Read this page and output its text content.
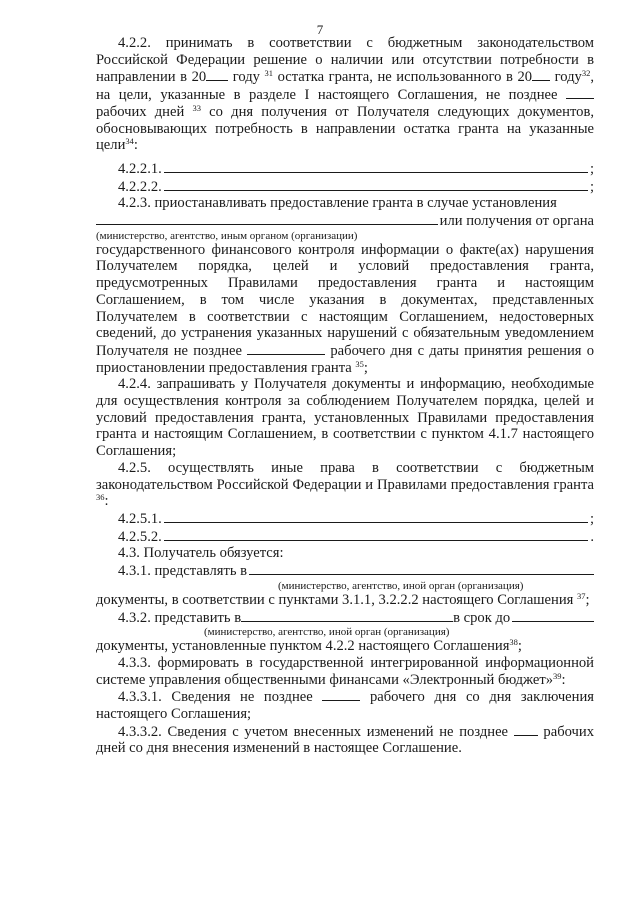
7

4.2.2. принимать в соответствии с бюджетным законодательством Российской Федерации решение о наличии или отсутствии потребности в направлении в 20 году $^{31}$ остатка гранта, не использованного в 20 году$^{32}$, на цели, указанные в разделе I настоящего Соглашения, не позднее  рабочих дней $^{33}$ со дня получения от Получателя следующих документов, обосновывающих потребность в направлении остатка гранта на указанные цели$^{34}$:

4.2.2.1.	;
4.2.2.2.	;

4.2.3. приостанавливать предоставление гранта в случае установления

или получения от органа

(министерство, агентство, иным органом (организации)

государственного финансового контроля информации о факте(ах) нарушения Получателем порядка, целей и условий предоставления гранта, предусмотренных Правилами предоставления гранта и настоящим Соглашением, в том числе указания в документах, представленных Получателем в соответствии с настоящим Соглашением, недостоверных сведений, до устранения указанных нарушений с обязательным уведомлением Получателя не позднее	рабочего дня с даты принятия решения о приостановлении предоставления гранта $^{35}$;

4.2.4. запрашивать у Получателя документы и информацию, необходимые для осуществления контроля за соблюдением Получателем порядка, целей и условий предоставления гранта, установленных Правилами предоставления гранта и настоящим Соглашением, в соответствии с пунктом 4.1.7 настоящего Соглашения;

4.2.5. осуществлять иные права в соответствии с бюджетным законодательством Российской Федерации и Правилами предоставления гранта $^{36}$:

4.2.5.1.	;
4.2.5.2.	.

4.3. Получатель обязуется:

4.3.1. представлять в

(министерство, агентство, иной орган (организация)

документы, в соответствии с пунктами 3.1.1, 3.2.2.2 настоящего Соглашения $^{37}$;

4.3.2. представить в	в срок до

(министерство, агентство, иной орган (организация)

документы, установленные пунктом 4.2.2 настоящего Соглашения$^{38}$;

4.3.3. формировать в государственной интегрированной информационной системе управления общественными финансами «Электронный бюджет»$^{39}$:

4.3.3.1. Сведения не позднее	рабочего дня со дня заключения настоящего Соглашения;

4.3.3.2. Сведения с учетом внесенных изменений не позднее  рабочих дней со дня внесения изменений в настоящее Соглашение.
